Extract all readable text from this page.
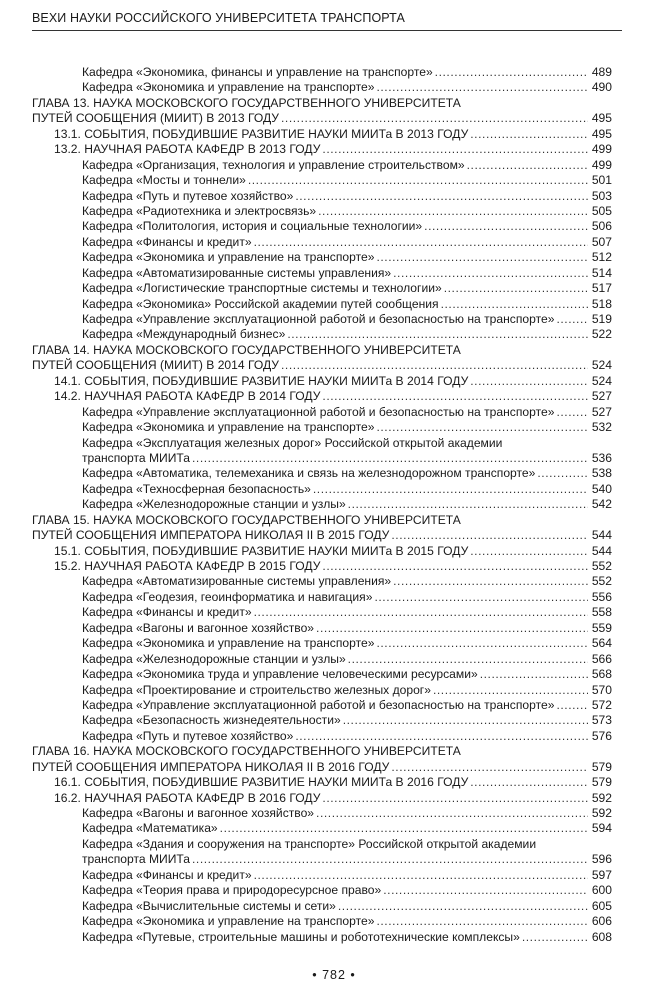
ВЕХИ НАУКИ РОССИЙСКОГО УНИВЕРСИТЕТА ТРАНСПОРТА
Кафедра «Экономика, финансы и управление на транспорте» . . .	489
Кафедра «Экономика и управление на транспорте» . . .	490
ГЛАВА 13. НАУКА МОСКОВСКОГО ГОСУДАРСТВЕННОГО УНИВЕРСИТЕТА
ПУТЕЙ СООБЩЕНИЯ (МИИТ) В 2013 ГОДУ . . .	495
13.1. СОБЫТИЯ, ПОБУДИВШИЕ РАЗВИТИЕ НАУКИ МИИТа В 2013 ГОДУ . . .	495
13.2. НАУЧНАЯ РАБОТА КАФЕДР В 2013 ГОДУ . . .	499
Кафедра «Организация, технология и управление строительством» . . .	499
Кафедра «Мосты и тоннели» . . .	501
Кафедра «Путь и путевое хозяйство» . . .	503
Кафедра «Радиотехника и электросвязь» . . .	505
Кафедра «Политология, история и социальные технологии» . . .	506
Кафедра «Финансы и кредит» . . .	507
Кафедра «Экономика и управление на транспорте» . . .	512
Кафедра «Автоматизированные системы управления» . . .	514
Кафедра «Логистические транспортные системы и технологии» . . .	517
Кафедра «Экономика» Российской академии путей сообщения . . .	518
Кафедра «Управление эксплуатационной работой и безопасностью на транспорте» . . .	519
Кафедра «Международный бизнес» . . .	522
ГЛАВА 14. НАУКА МОСКОВСКОГО ГОСУДАРСТВЕННОГО УНИВЕРСИТЕТА
ПУТЕЙ СООБЩЕНИЯ (МИИТ) В 2014 ГОДУ . . .	524
14.1. СОБЫТИЯ, ПОБУДИВШИЕ РАЗВИТИЕ НАУКИ МИИТа В 2014 ГОДУ . . .	524
14.2. НАУЧНАЯ РАБОТА КАФЕДР В 2014 ГОДУ . . .	527
Кафедра «Управление эксплуатационной работой и безопасностью на транспорте» . . .	527
Кафедра «Экономика и управление на транспорте» . . .	532
Кафедра «Эксплуатация железных дорог» Российской открытой академии
транспорта МИИТа . . .	536
Кафедра «Автоматика, телемеханика и связь на железнодорожном транспорте» . . .	538
Кафедра «Техносферная безопасность» . . .	540
Кафедра «Железнодорожные станции и узлы» . . .	542
ГЛАВА 15. НАУКА МОСКОВСКОГО ГОСУДАРСТВЕННОГО УНИВЕРСИТЕТА
ПУТЕЙ СООБЩЕНИЯ ИМПЕРАТОРА НИКОЛАЯ II В 2015 ГОДУ . . .	544
15.1. СОБЫТИЯ, ПОБУДИВШИЕ РАЗВИТИЕ НАУКИ МИИТа В 2015 ГОДУ . . .	544
15.2. НАУЧНАЯ РАБОТА КАФЕДР В 2015 ГОДУ . . .	552
Кафедра «Автоматизированные системы управления» . . .	552
Кафедра «Геодезия, геоинформатика и навигация» . . .	556
Кафедра «Финансы и кредит» . . .	558
Кафедра «Вагоны и вагонное хозяйство» . . .	559
Кафедра «Экономика и управление на транспорте» . . .	564
Кафедра «Железнодорожные станции и узлы» . . .	566
Кафедра «Экономика труда и управление человеческими ресурсами» . . .	568
Кафедра «Проектирование и строительство железных дорог» . . .	570
Кафедра «Управление эксплуатационной работой и безопасностью на транспорте» . . .	572
Кафедра «Безопасность жизнедеятельности» . . .	573
Кафедра «Путь и путевое хозяйство» . . .	576
ГЛАВА 16. НАУКА МОСКОВСКОГО ГОСУДАРСТВЕННОГО УНИВЕРСИТЕТА
ПУТЕЙ СООБЩЕНИЯ ИМПЕРАТОРА НИКОЛАЯ II В 2016 ГОДУ . . .	579
16.1. СОБЫТИЯ, ПОБУДИВШИЕ РАЗВИТИЕ НАУКИ МИИТа В 2016 ГОДУ . . .	579
16.2. НАУЧНАЯ РАБОТА КАФЕДР В 2016 ГОДУ . . .	592
Кафедра «Вагоны и вагонное хозяйство» . . .	592
Кафедра «Математика» . . .	594
Кафедра «Здания и сооружения на транспорте» Российской открытой академии
транспорта МИИТа . . .	596
Кафедра «Финансы и кредит» . . .	597
Кафедра «Теория права и природоресурсное право» . . .	600
Кафедра «Вычислительные системы и сети» . . .	605
Кафедра «Экономика и управление на транспорте» . . .	606
Кафедра «Путевые, строительные машины и робототехнические комплексы» . . .	608
• 782 •
